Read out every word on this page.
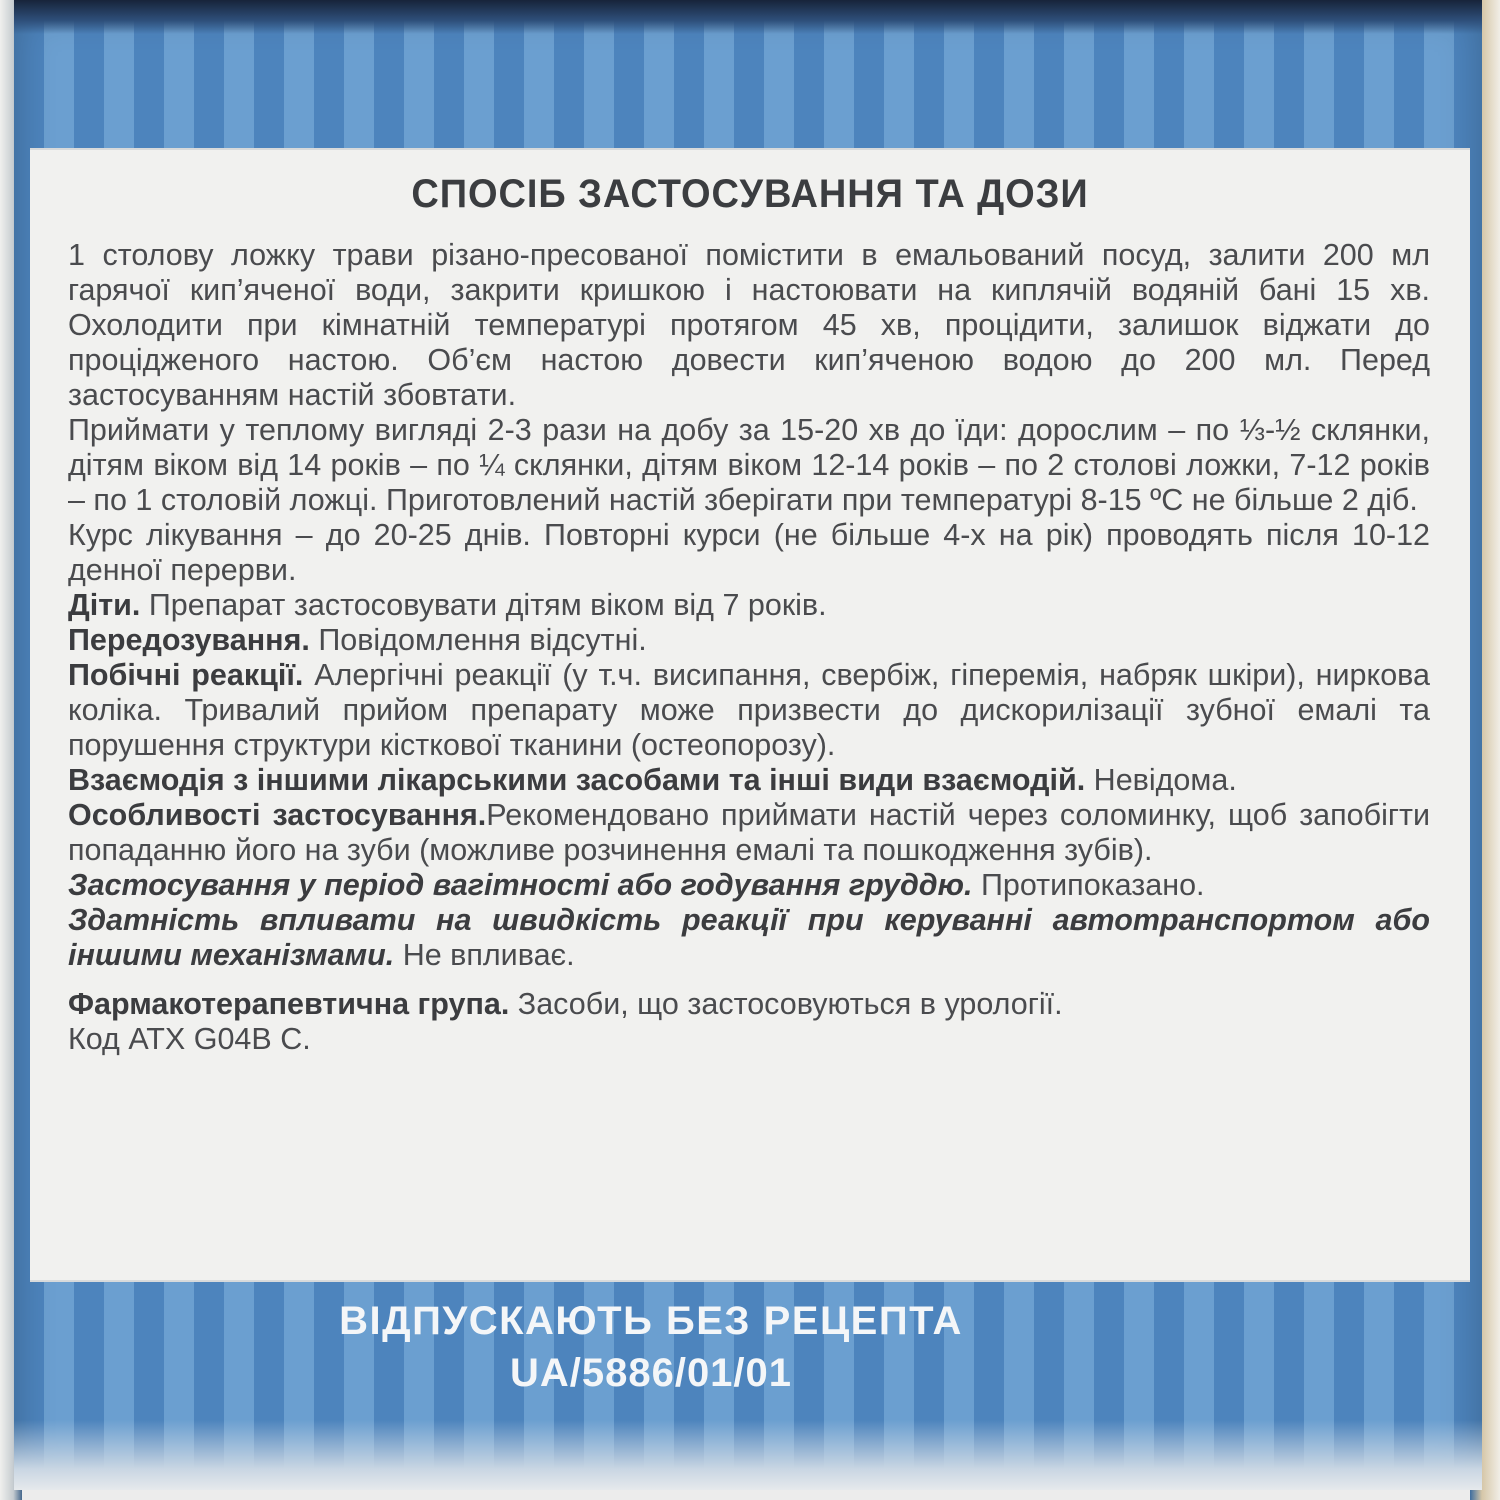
СПОСІБ ЗАСТОСУВАННЯ ТА ДОЗИ

1 столову ложку трави різано-пресованої помістити в емальований посуд, залити 200 мл гарячої кип’яченої води, закрити кришкою і настоювати на киплячій водяній бані 15 хв. Охолодити при кімнатній температурі протягом 45 хв, процідити, залишок віджати до проціджeного настою. Об’єм настою довести кип’яченою водою до 200 мл. Перед застосуванням настій збовтати.

Приймати у теплому вигляді 2-3 рази на добу за 15-20 хв до їди: дорослим – по ⅓-½ склянки, дітям віком від 14 років – по ¼ склянки, дітям віком 12-14 років – по 2 столові ложки, 7-12 років – по 1 столовій ложці. Приготовлений настій зберігати при температурі 8-15 ºС не більше 2 діб.

Курс лікування – до 20-25 днів. Повторні курси (не більше 4-х на рік) проводять після 10-12 денної перерви.

Діти. Препарат застосовувати дітям віком від 7 років.

Передозування. Повідомлення відсутні.

Побічні реакції. Алергічні реакції (у т.ч. висипання, свербіж, гіперемія, набряк шкіри), ниркова коліка. Тривалий прийом препарату може призвести до дискорилізації зубної емалі та порушення структури кісткової тканини (остеопорозу).

Взаємодія з іншими лікарськими засобами та інші види взаємодій. Невідома.

Особливості застосування.Рекомендовано приймати настій через соломинку, щоб запобігти попаданню його на зуби (можливе розчинення емалі та пошкодження зубів).

Застосування у період вагітності або годування груддю. Протипоказано.

Здатність впливати на швидкість реакції при керуванні автотранспортом або іншими механізмами. Не впливає.

Фармакотерапевтична група. Засоби, що застосовуються в урології.

Код АТХ G04B C.

ВІДПУСКАЮТЬ БЕЗ РЕЦЕПТА
UA/5886/01/01
